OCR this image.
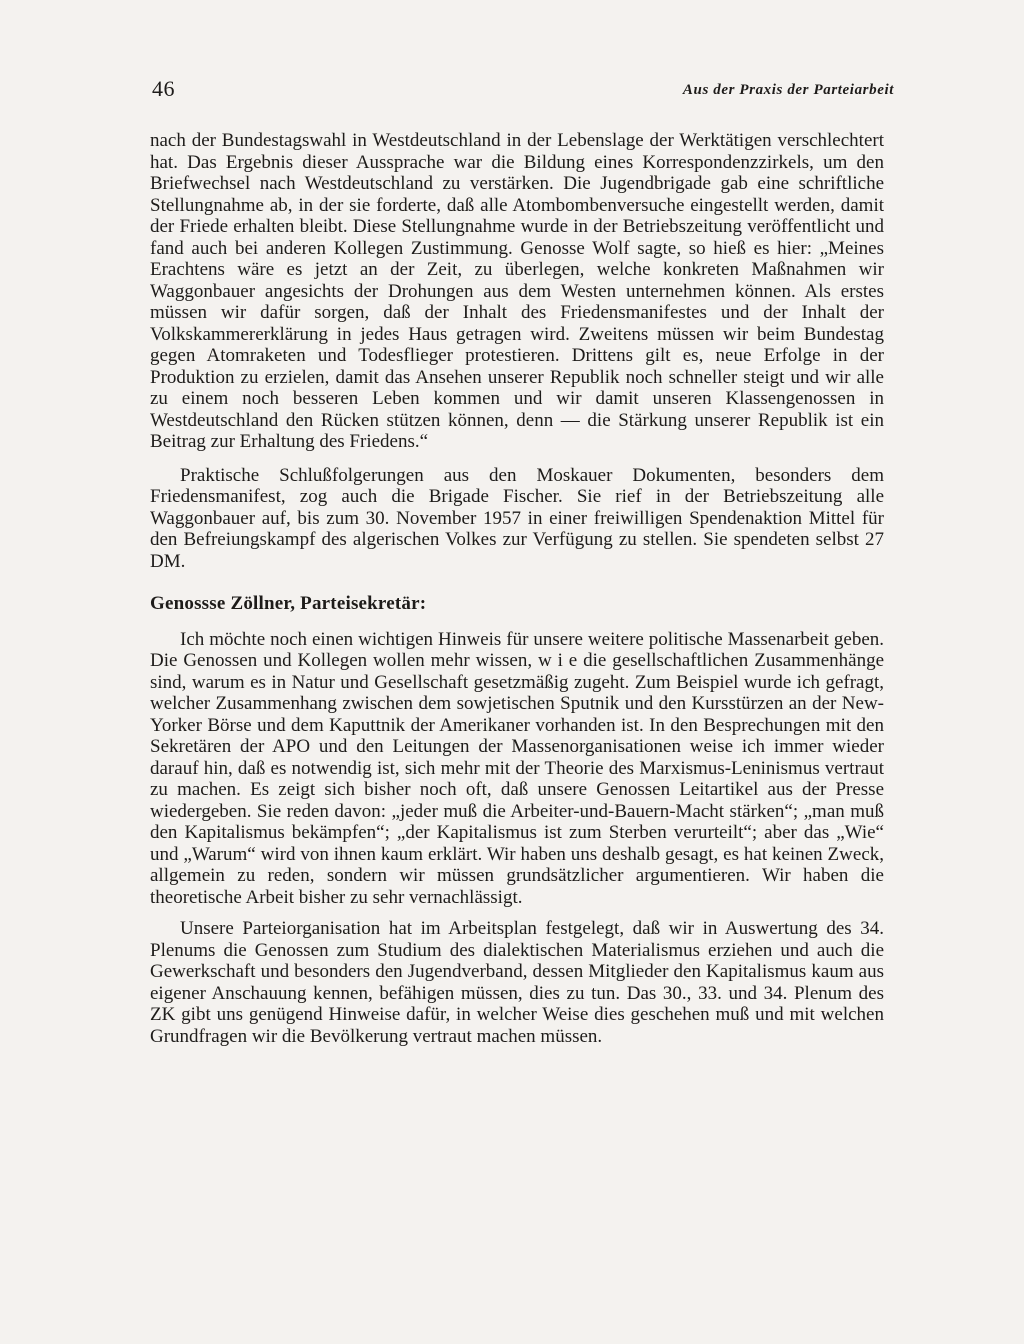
46	Aus der Praxis der Parteiarbeit

nach der Bundestagswahl in Westdeutschland in der Lebenslage der Werktätigen verschlechtert hat. Das Ergebnis dieser Aussprache war die Bildung eines Korrespondenzzirkels, um den Briefwechsel nach Westdeutschland zu verstärken. Die Jugendbrigade gab eine schriftliche Stellungnahme ab, in der sie forderte, daß alle Atombombenversuche eingestellt werden, damit der Friede erhalten bleibt. Diese Stellungnahme wurde in der Betriebszeitung veröffentlicht und fand auch bei anderen Kollegen Zustimmung. Genosse Wolf sagte, so hieß es hier: „Meines Erachtens wäre es jetzt an der Zeit, zu überlegen, welche konkreten Maßnahmen wir Waggonbauer angesichts der Drohungen aus dem Westen unternehmen können. Als erstes müssen wir dafür sorgen, daß der Inhalt des Friedensmanifestes und der Inhalt der Volkskammererklärung in jedes Haus getragen wird. Zweitens müssen wir beim Bundestag gegen Atomraketen und Todesflieger protestieren. Drittens gilt es, neue Erfolge in der Produktion zu erzielen, damit das Ansehen unserer Republik noch schneller steigt und wir alle zu einem noch besseren Leben kommen und wir damit unseren Klassengenossen in Westdeutschland den Rücken stützen können, denn — die Stärkung unserer Republik ist ein Beitrag zur Erhaltung des Friedens.“

Praktische Schlußfolgerungen aus den Moskauer Dokumenten, besonders dem Friedensmanifest, zog auch die Brigade Fischer. Sie rief in der Betriebszeitung alle Waggonbauer auf, bis zum 30. November 1957 in einer freiwilligen Spendenaktion Mittel für den Befreiungskampf des algerischen Volkes zur Verfügung zu stellen. Sie spendeten selbst 27 DM.

Genossse Zöllner, Parteisekretär:

Ich möchte noch einen wichtigen Hinweis für unsere weitere politische Massenarbeit geben. Die Genossen und Kollegen wollen mehr wissen, w i e die gesellschaftlichen Zusammenhänge sind, warum es in Natur und Gesellschaft gesetzmäßig zugeht. Zum Beispiel wurde ich gefragt, welcher Zusammenhang zwischen dem sowjetischen Sputnik und den Kursstürzen an der New-Yorker Börse und dem Kaputtnik der Amerikaner vorhanden ist. In den Besprechungen mit den Sekretären der APO und den Leitungen der Massenorganisationen weise ich immer wieder darauf hin, daß es notwendig ist, sich mehr mit der Theorie des Marxismus-Leninismus vertraut zu machen. Es zeigt sich bisher noch oft, daß unsere Genossen Leitartikel aus der Presse wiedergeben. Sie reden davon: „jeder muß die Arbeiter-und-Bauern-Macht stärken“; „man muß den Kapitalismus bekämpfen“; „der Kapitalismus ist zum Sterben verurteilt“; aber das „Wie“ und „Warum“ wird von ihnen kaum erklärt. Wir haben uns deshalb gesagt, es hat keinen Zweck, allgemein zu reden, sondern wir müssen grundsätzlicher argumentieren. Wir haben die theoretische Arbeit bisher zu sehr vernachlässigt.

Unsere Parteiorganisation hat im Arbeitsplan festgelegt, daß wir in Auswertung des 34. Plenums die Genossen zum Studium des dialektischen Materialismus erziehen und auch die Gewerkschaft und besonders den Jugendverband, dessen Mitglieder den Kapitalismus kaum aus eigener Anschauung kennen, befähigen müssen, dies zu tun. Das 30., 33. und 34. Plenum des ZK gibt uns genügend Hinweise dafür, in welcher Weise dies geschehen muß und mit welchen Grundfragen wir die Bevölkerung vertraut machen müssen.
